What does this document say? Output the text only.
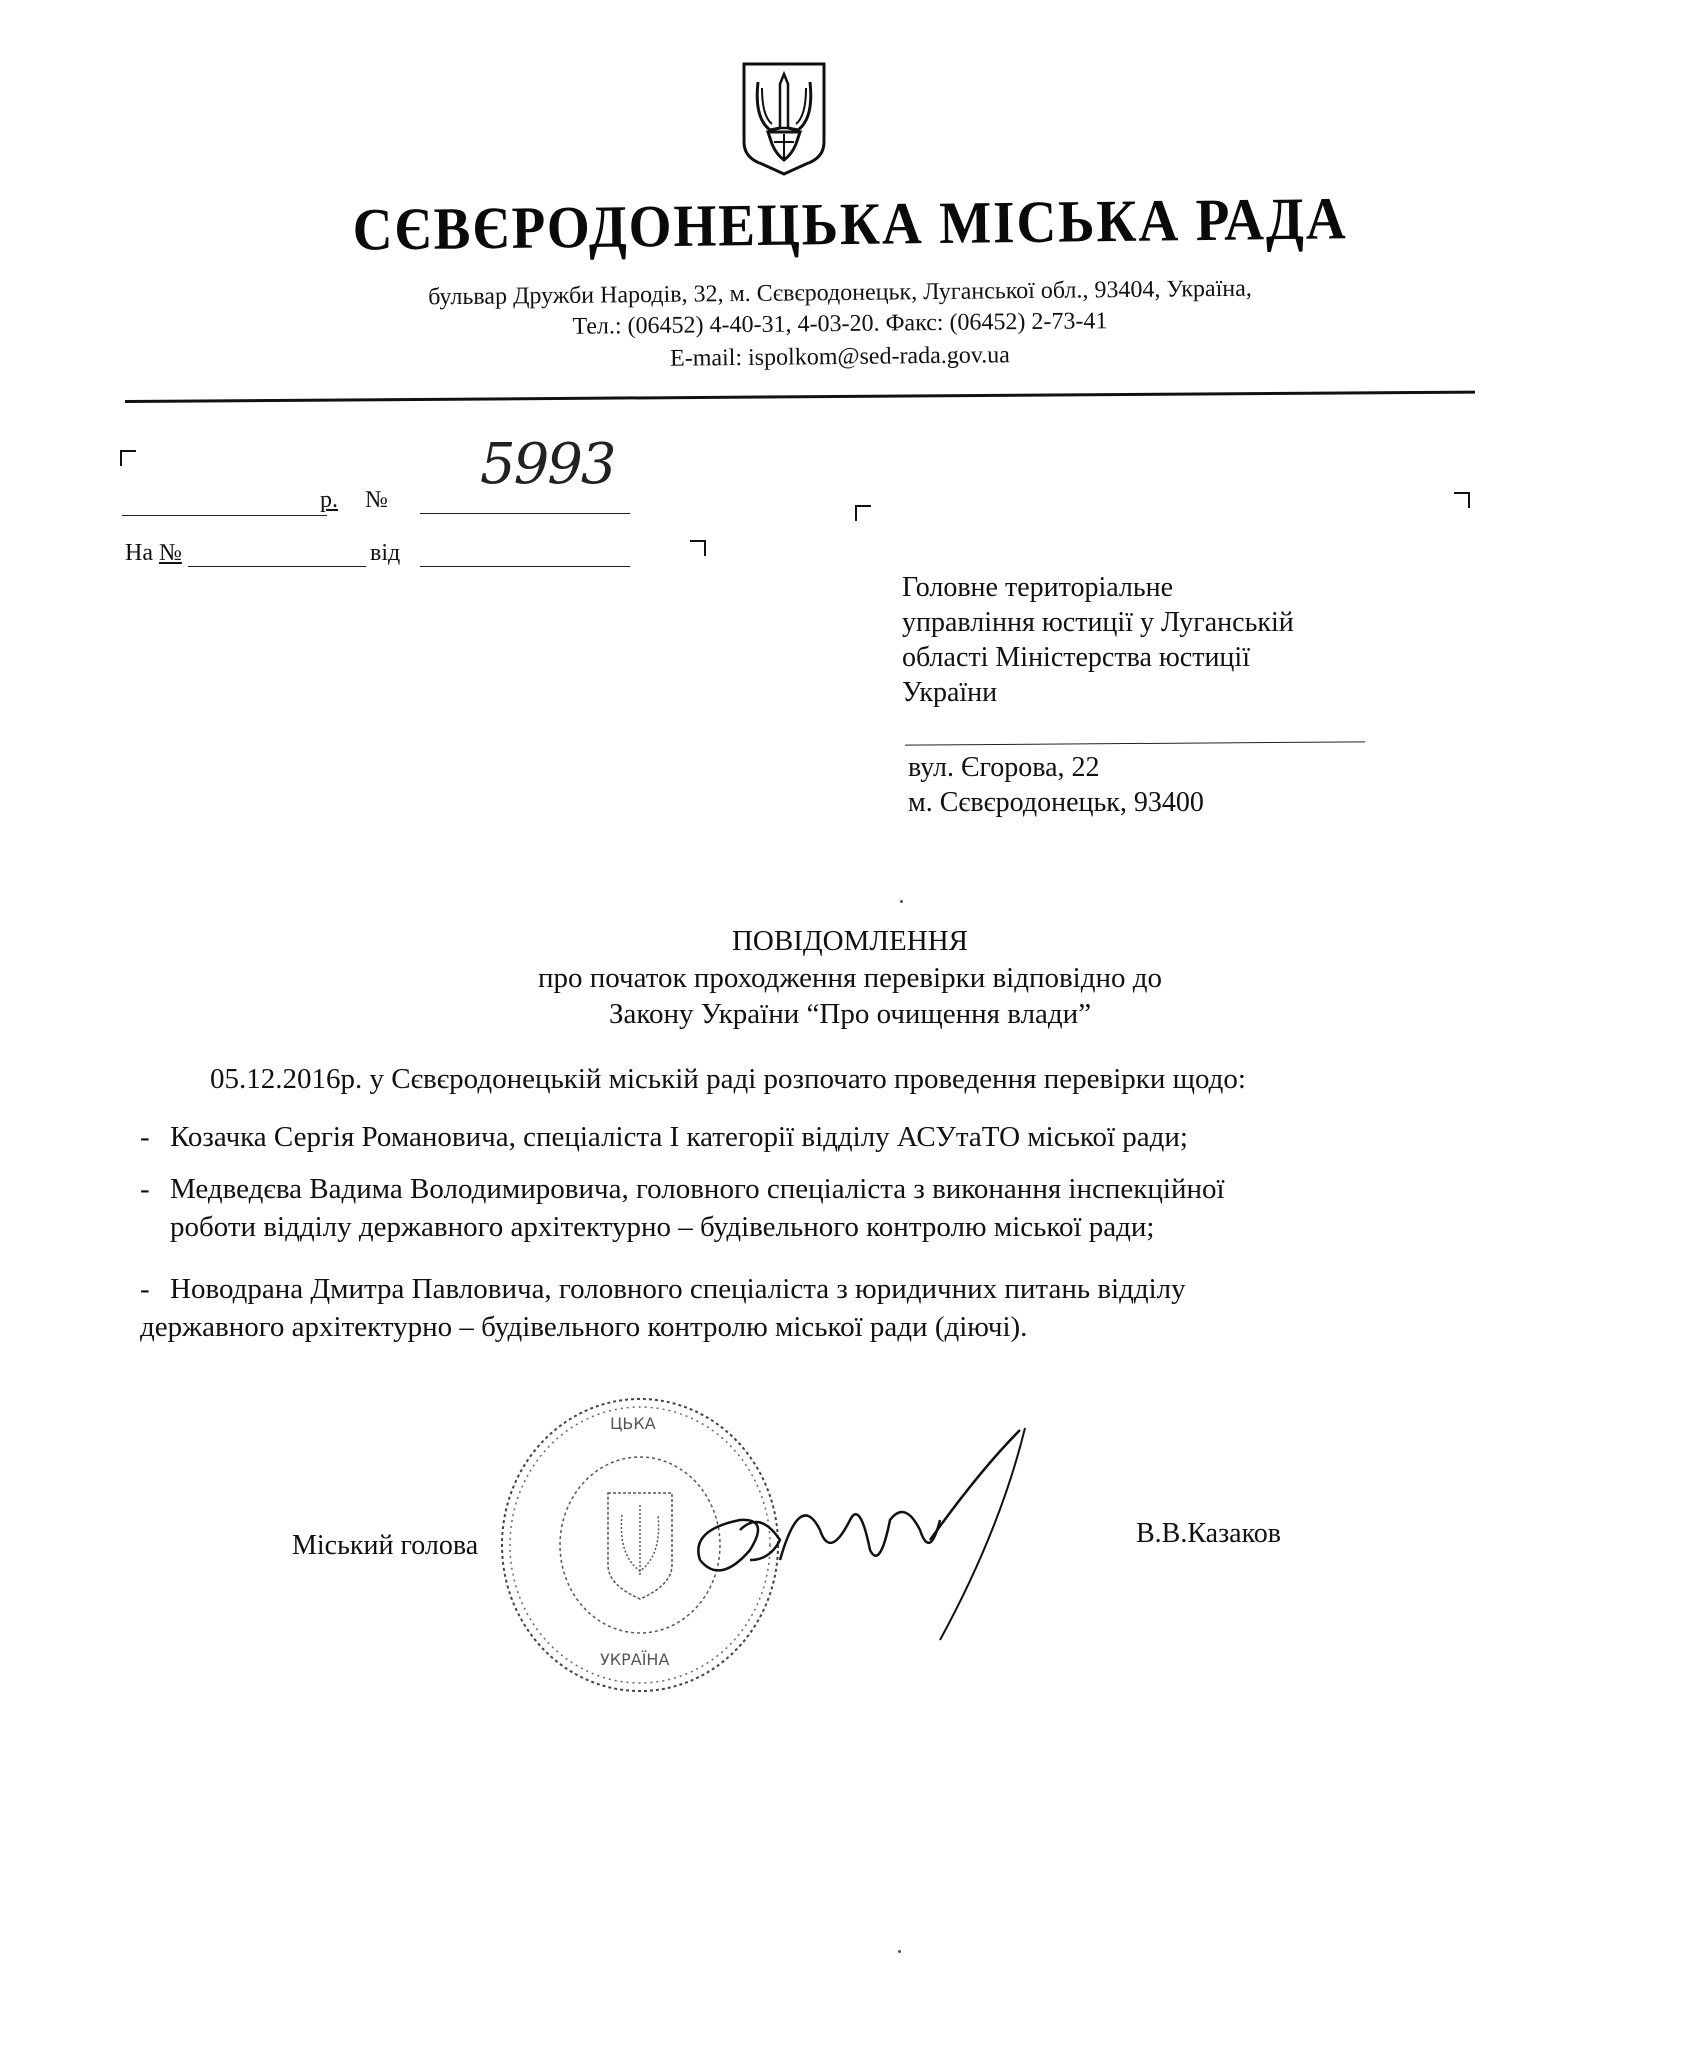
СЄВЄРОДОНЕЦЬКА МІСЬКА РАДА
бульвар Дружби Народів, 32, м. Сєвєродонецьк, Луганської обл., 93404, Україна,
Тел.: (06452) 4-40-31, 4-03-20. Факс: (06452) 2-73-41
E-mail: ispolkom@sed-rada.gov.ua
р. №
5993
На №	від
Головне територіальне
управління юстиції у Луганській
області Міністерства юстиції
України
вул. Єгорова, 22
м. Сєвєродонецьк, 93400
ПОВІДОМЛЕННЯ
про початок проходження перевірки відповідно до
Закону України “Про очищення влади”
05.12.2016р. у Сєвєродонецькій міській раді розпочато проведення перевірки щодо:
- Козачка Сергія Романовича, спеціаліста І категорії відділу АСУтаТО міської ради;
- Медведєва Вадима Володимировича, головного спеціаліста з виконання інспекційної
роботи відділу державного архітектурно – будівельного контролю міської ради;
- Новодрана Дмитра Павловича, головного спеціаліста з юридичних питань відділу
державного архітектурно – будівельного контролю міської ради (діючі).
Міський голова	В.В.Казаков
ЦЬКА
УКРАЇНА
